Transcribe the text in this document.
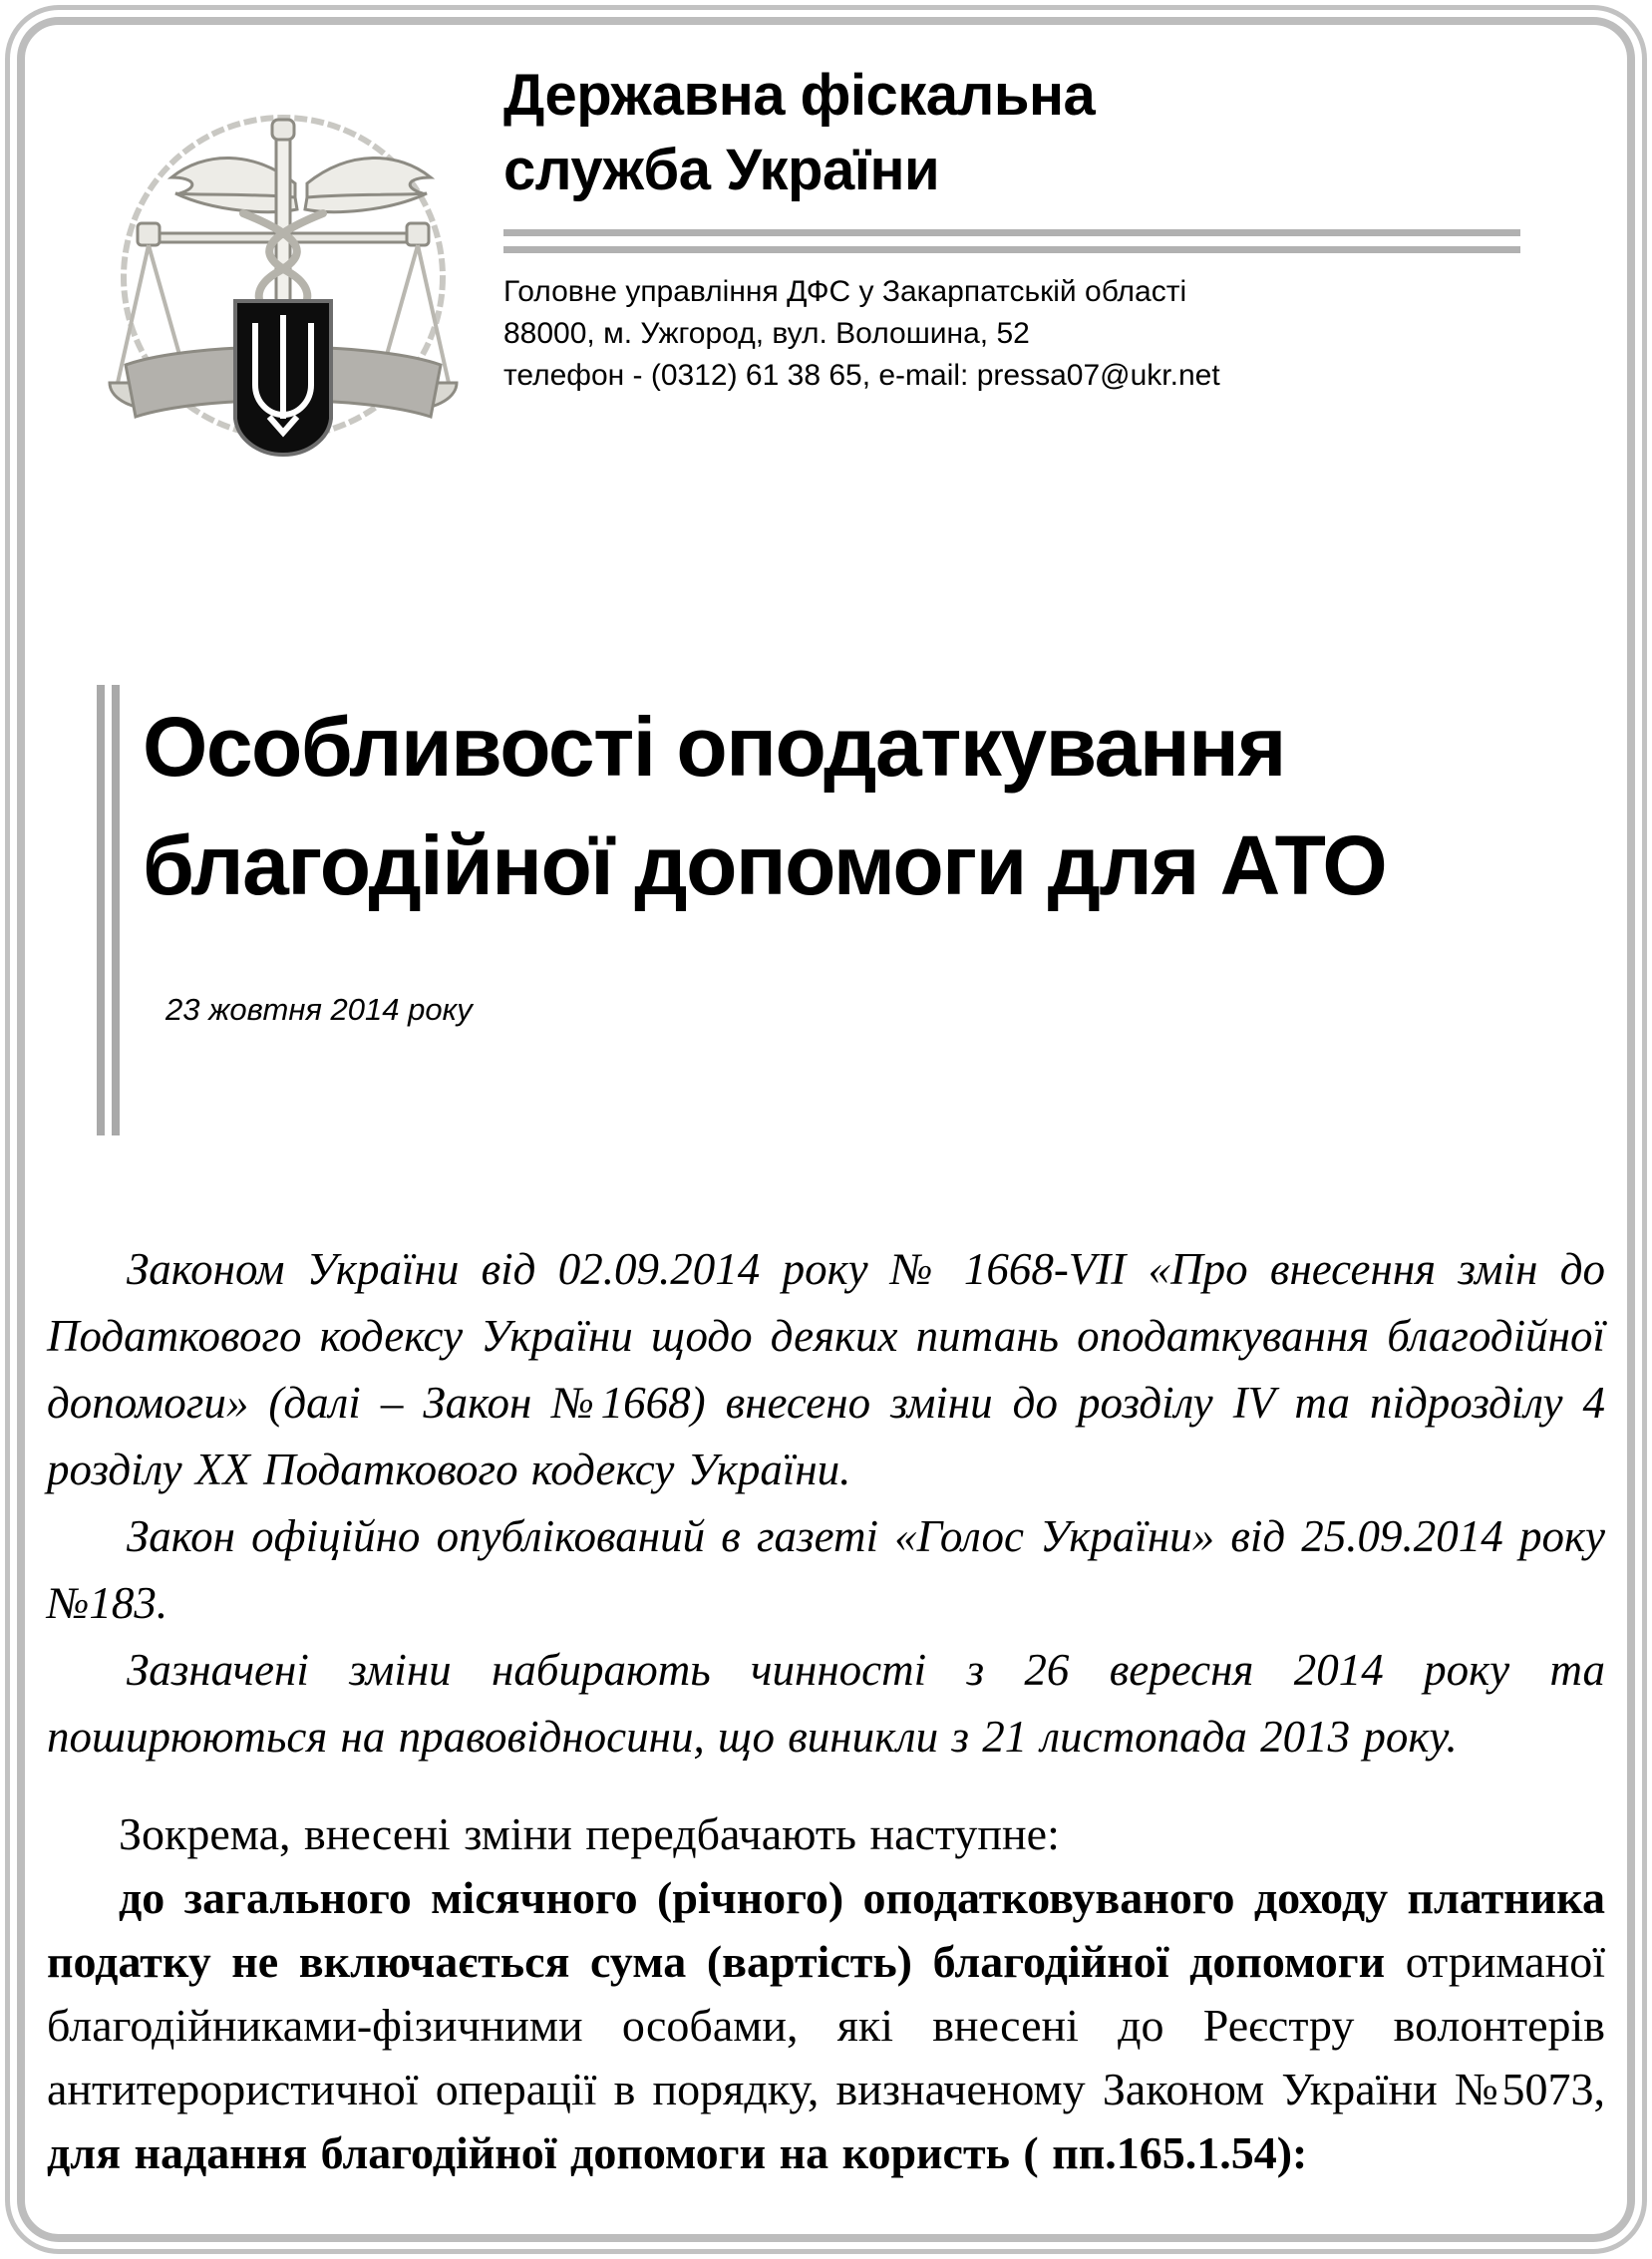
Державна фіскальна
служба України
Головне управління ДФС у Закарпатській області
88000, м. Ужгород, вул. Волошина, 52
телефон - (0312) 61 38 65, e-mail: pressa07@ukr.net
Особливості оподаткування
благодійної допомоги для АТО
23 жовтня 2014 року

Законом України від 02.09.2014 року № 1668-VII «Про внесення змін до Податкового кодексу України щодо деяких питань оподаткування благодійної допомоги» (далі – Закон №1668) внесено зміни до розділу IV та підрозділу 4 розділу ХХ Податкового кодексу України.

Закон офіційно опублікований в газеті «Голос України» від 25.09.2014 року №183.

Зазначені зміни набирають чинності з 26 вересня 2014 року та поширюються на правовідносини, що виникли з 21 листопада 2013 року.

Зокрема, внесені зміни передбачають наступне:

до загального місячного (річного) оподатковуваного доходу платника податку не включається сума (вартість) благодійної допомоги отриманої благодійниками-фізичними особами, які внесені до Реєстру волонтерів антитерористичної операції в порядку, визначеному Законом України №5073, для надання благодійної допомоги на користь ( пп.165.1.54):
